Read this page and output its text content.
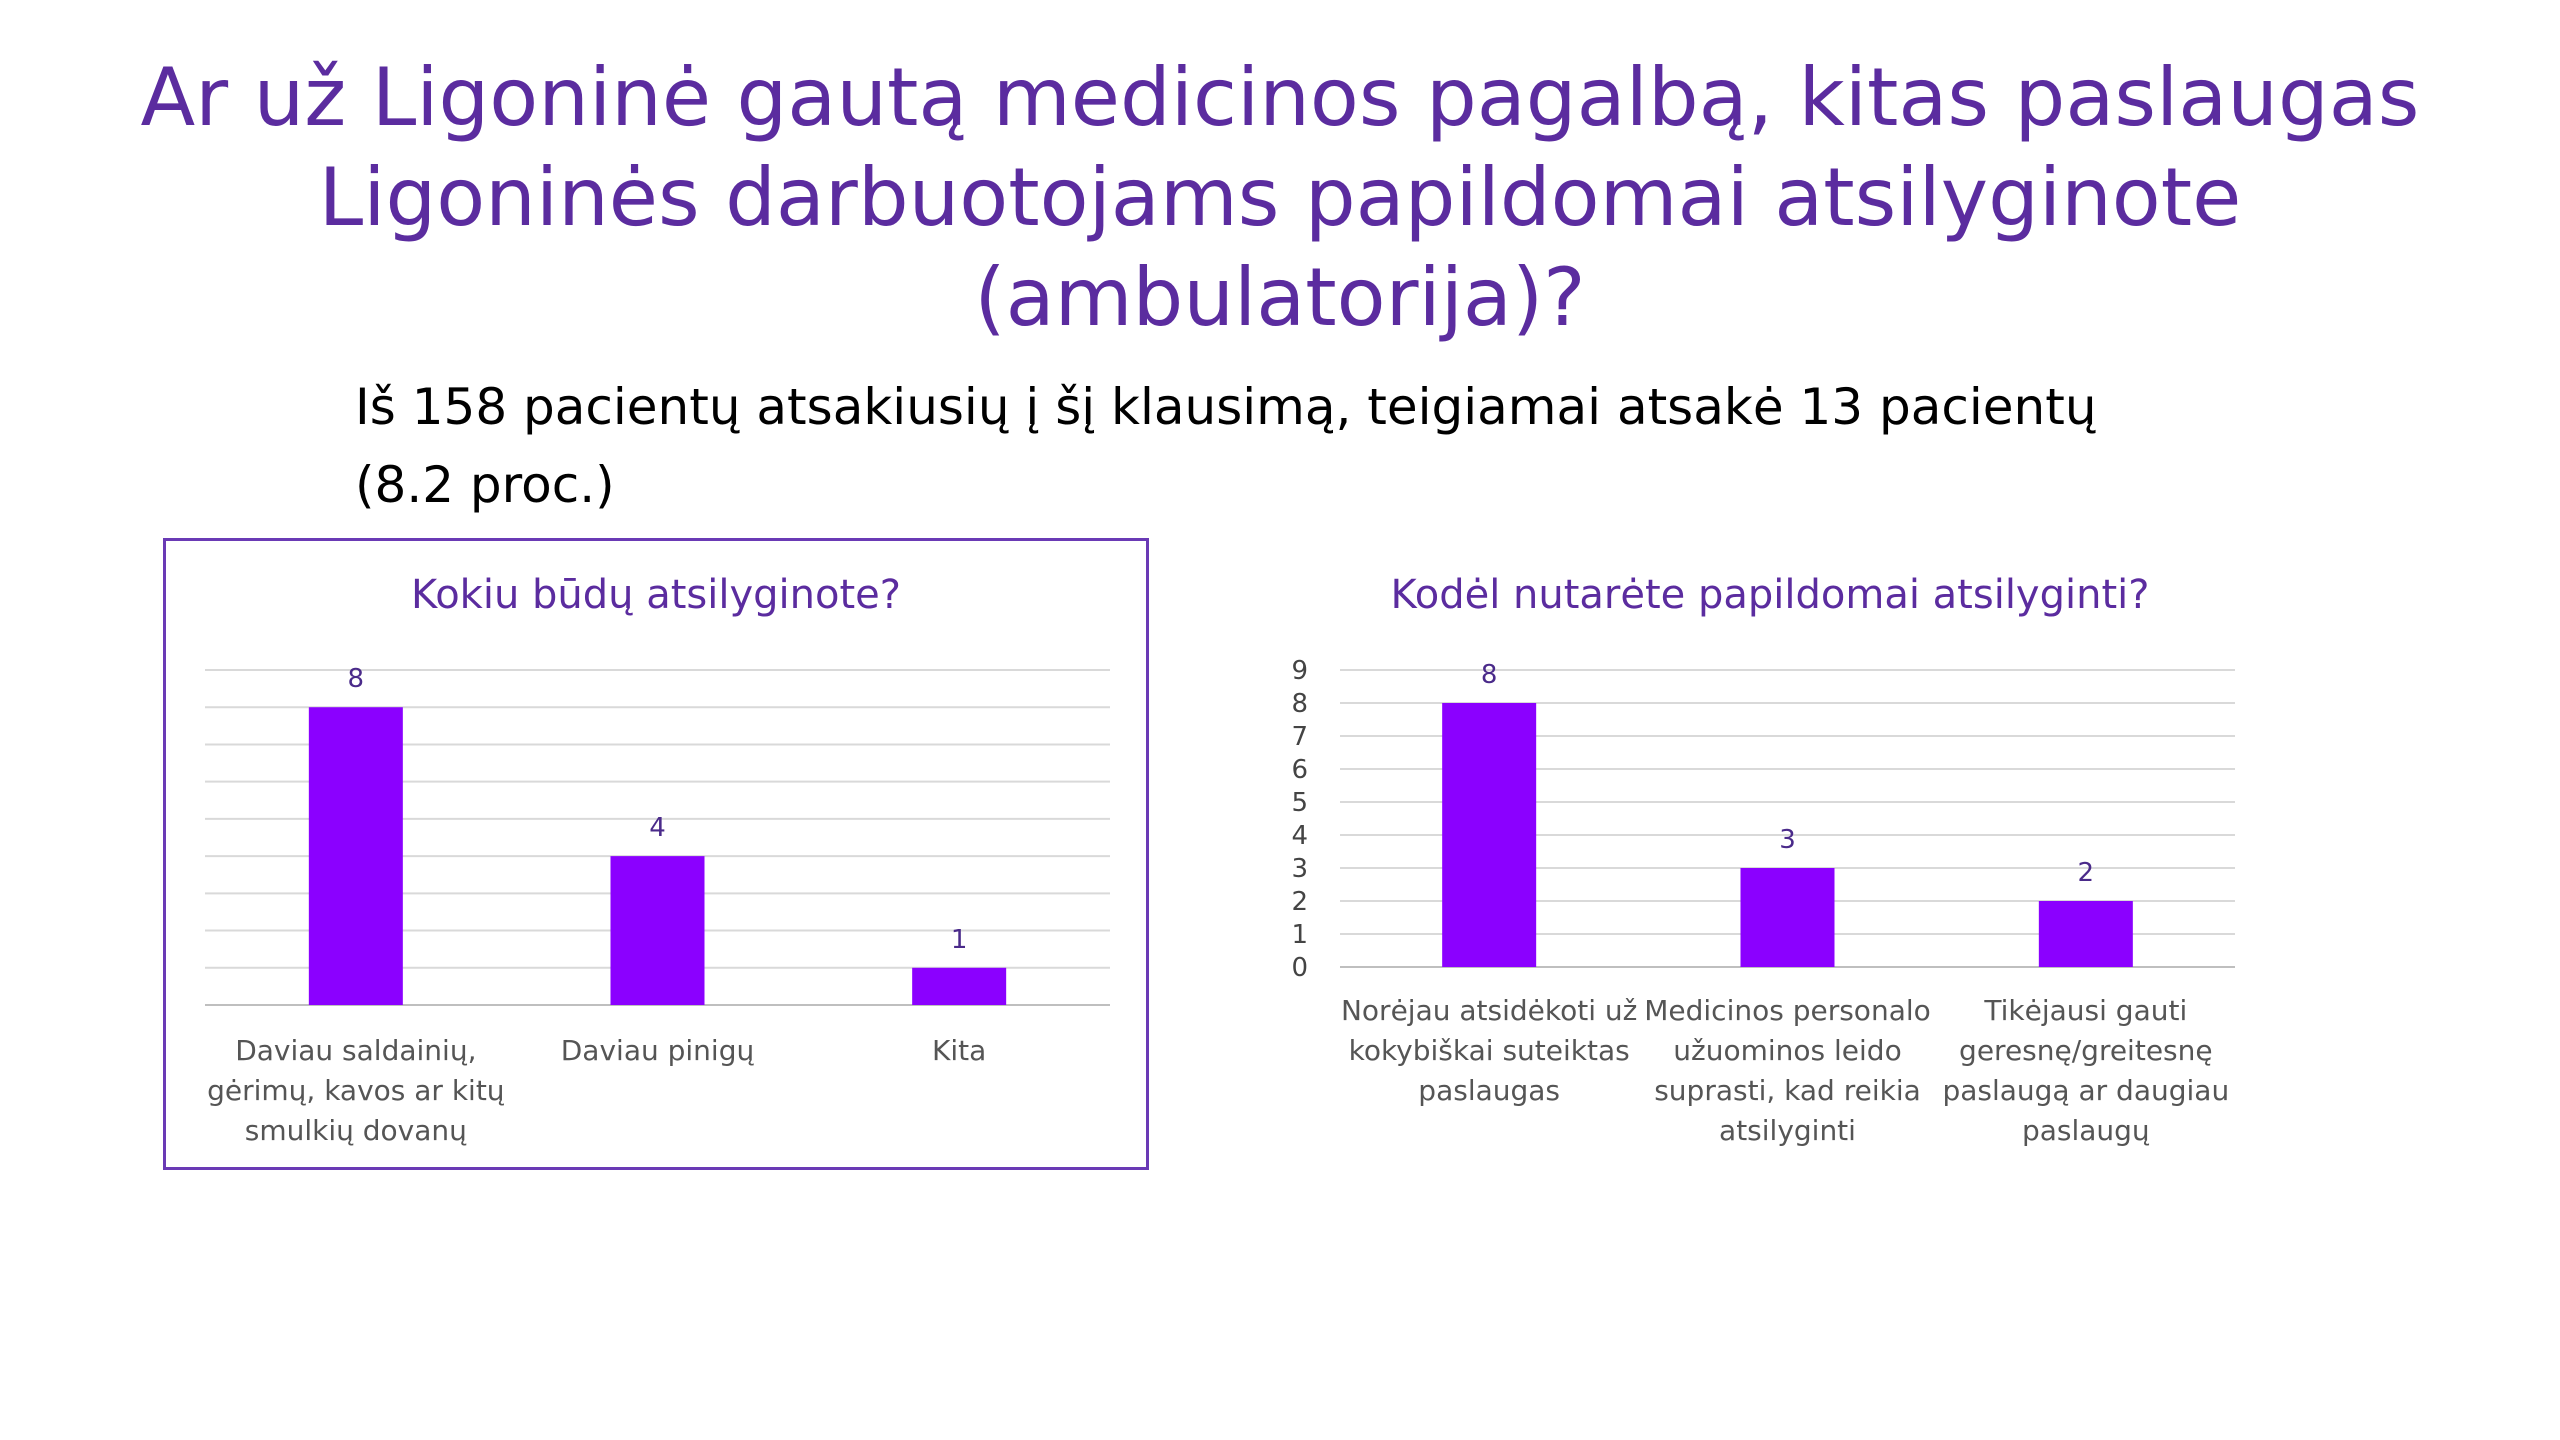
Ar už Ligoninė gautą medicinos pagalbą, kitas paslaugas
Ligoninės darbuotojams papildomai atsilyginote
(ambulatorija)?
Iš 158 pacientų atsakiusių į šį klausimą, teigiamai atsakė 13 pacientų
(8.2 proc.)
Kokiu būdų atsilyginote?
8
Daviau saldainių,
gėrimų, kavos ar kitų
smulkių dovanų
4
Daviau pinigų
1
Kita
Kodėl nutarėte papildomai atsilyginti?
0
1
2
3
4
5
6
7
8
9	8
Norėjau atsidėkoti už
kokybiškai suteiktas
paslaugas
3
Medicinos personalo
užuominos leido
suprasti, kad reikia
atsilyginti
2
Tikėjausi gauti
geresnę/greitesnę
paslaugą ar daugiau
paslaugų
